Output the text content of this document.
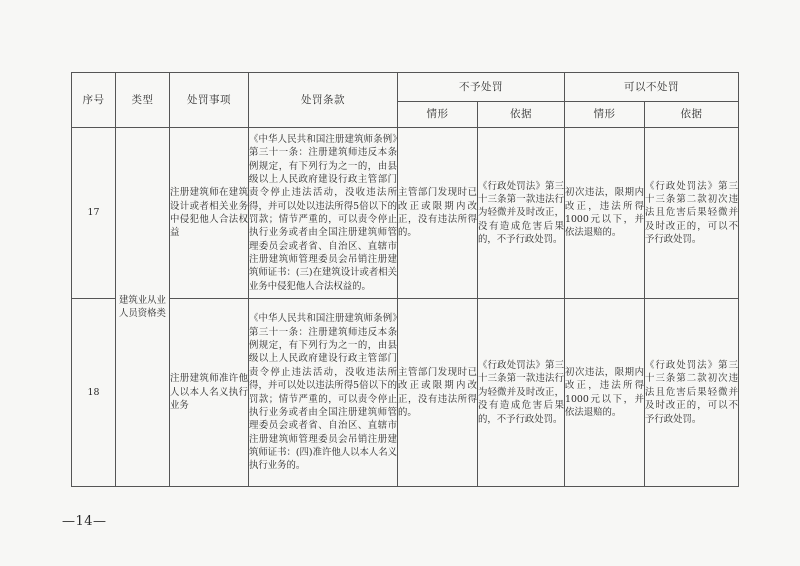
序号	类型	处罚事项	处罚条款	不予处罚		可以不处罚	
				情形	依据	情形	依据
17	建筑业从业人员资格类	注册建筑师在建筑设计或者相关业务中侵犯他人合法权益	《中华人民共和国注册建筑师条例》第三十一条：注册建筑师违反本条例规定，有下列行为之一的，由县级以上人民政府建设行政主管部门责令停止违法活动，没收违法所得，并可以处以违法所得5倍以下的罚款；情节严重的，可以责令停止执行业务或者由全国注册建筑师管理委员会或者省、自治区、直辖市注册建筑师管理委员会吊销注册建筑师证书：(三)在建筑设计或者相关业务中侵犯他人合法权益的。	主管部门发现时已改正或限期内改正，没有违法所得的。	《行政处罚法》第三十三条第一款违法行为轻微并及时改正，没有造成危害后果的，不予行政处罚。	初次违法，限期内改正，违法所得1000元以下，并依法退赔的。	《行政处罚法》第三十三条第二款初次违法且危害后果轻微并及时改正的，可以不予行政处罚。
18		注册建筑师准许他人以本人名义执行业务	《中华人民共和国注册建筑师条例》第三十一条：注册建筑师违反本条例规定，有下列行为之一的，由县级以上人民政府建设行政主管部门责令停止违法活动，没收违法所得，并可以处以违法所得5倍以下的罚款；情节严重的，可以责令停止执行业务或者由全国注册建筑师管理委员会或者省、自治区、直辖市注册建筑师管理委员会吊销注册建筑师证书：(四)准许他人以本人名义执行业务的。	主管部门发现时已改正或限期内改正，没有违法所得的。	《行政处罚法》第三十三条第一款违法行为轻微并及时改正，没有造成危害后果的，不予行政处罚。	初次违法，限期内改正，违法所得1000元以下，并依法退赔的。	《行政处罚法》第三十三条第二款初次违法且危害后果轻微并及时改正的，可以不予行政处罚。
—14—
